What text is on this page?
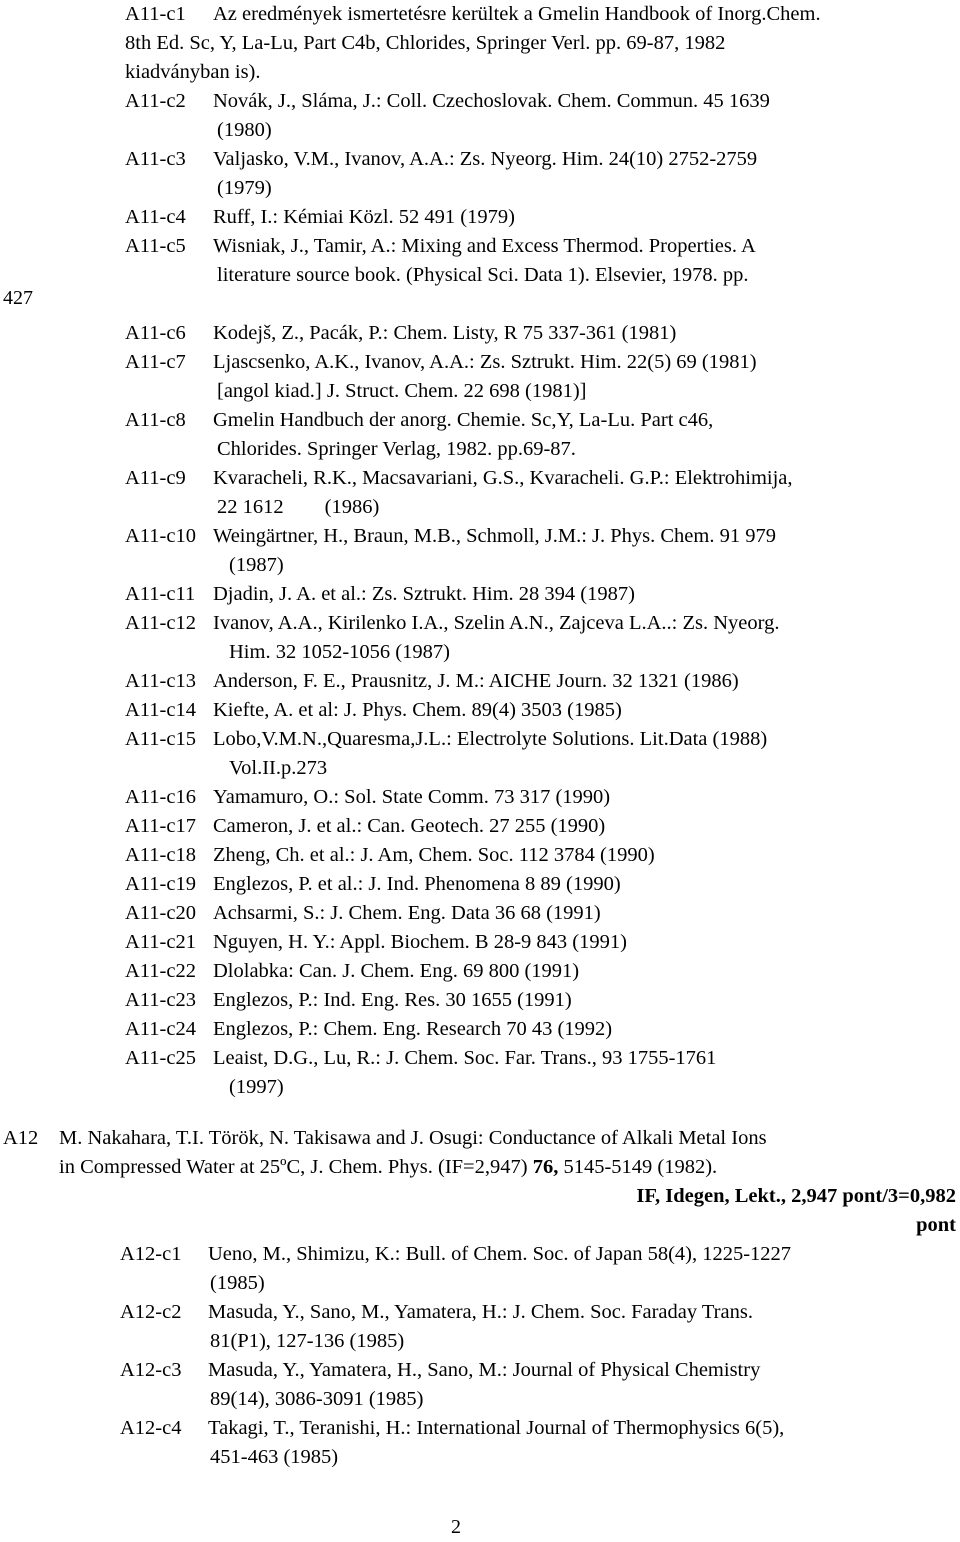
427
A11-c1 Az eredmények ismertetésre kerültek a Gmelin Handbook of Inorg.Chem.
8th Ed. Sc, Y, La-Lu, Part C4b, Chlorides, Springer Verl. pp. 69-87, 1982
kiadványban is).
A11-c2 Novák, J., Sláma, J.: Coll. Czechoslovak. Chem. Commun. 45 1639
(1980)
A11-c3 Valjasko, V.M., Ivanov, A.A.: Zs. Nyeorg. Him. 24(10) 2752-2759
(1979)
A11-c4 Ruff, I.: Kémiai Közl. 52 491 (1979)
A11-c5 Wisniak, J., Tamir, A.: Mixing and Excess Thermod. Properties. A
literature source book. (Physical Sci. Data 1). Elsevier, 1978. pp.
A11-c6 Kodejš, Z., Pacák, P.: Chem. Listy, R 75 337-361 (1981)
A11-c7 Ljascsenko, A.K., Ivanov, A.A.: Zs. Sztrukt. Him. 22(5) 69 (1981)
[angol kiad.] J. Struct. Chem. 22 698 (1981)]
A11-c8 Gmelin Handbuch der anorg. Chemie. Sc,Y, La-Lu. Part c46,
Chlorides. Springer Verlag, 1982. pp.69-87.
A11-c9 Kvaracheli, R.K., Macsavariani, G.S., Kvaracheli. G.P.: Elektrohimija,
22 1612        (1986)
A11-c10 Weingärtner, H., Braun, M.B., Schmoll, J.M.: J. Phys. Chem. 91 979
(1987)
A11-c11 Djadin, J. A. et al.: Zs. Sztrukt. Him. 28 394 (1987)
A11-c12 Ivanov, A.A., Kirilenko I.A., Szelin A.N., Zajceva L.A..: Zs. Nyeorg.
Him. 32 1052-1056 (1987)
A11-c13 Anderson, F. E., Prausnitz, J. M.: AICHE Journ. 32 1321 (1986)
A11-c14 Kiefte, A. et al: J. Phys. Chem. 89(4) 3503 (1985)
A11-c15 Lobo,V.M.N.,Quaresma,J.L.: Electrolyte Solutions. Lit.Data (1988)
Vol.II.p.273
A11-c16 Yamamuro, O.: Sol. State Comm. 73 317 (1990)
A11-c17 Cameron, J. et al.: Can. Geotech. 27 255 (1990)
A11-c18 Zheng, Ch. et al.: J. Am, Chem. Soc. 112 3784 (1990)
A11-c19 Englezos, P. et al.: J. Ind. Phenomena 8 89 (1990)
A11-c20 Achsarmi, S.: J. Chem. Eng. Data 36 68 (1991)
A11-c21 Nguyen, H. Y.: Appl. Biochem. B 28-9 843 (1991)
A11-c22 Dlolabka: Can. J. Chem. Eng. 69 800 (1991)
A11-c23 Englezos, P.: Ind. Eng. Res. 30 1655 (1991)
A11-c24 Englezos, P.: Chem. Eng. Research 70 43 (1992)
A11-c25 Leaist, D.G., Lu, R.: J. Chem. Soc. Far. Trans., 93 1755-1761
(1997)

A12 M. Nakahara, T.I. Török, N. Takisawa and J. Osugi: Conductance of Alkali Metal Ions

in Compressed Water at 25ºC, J. Chem. Phys. (IF=2,947) 76, 5145-5149 (1982).
IF, Idegen, Lekt., 2,947 pont/3=0,982
pont
A12-c1 Ueno, M., Shimizu, K.: Bull. of Chem. Soc. of Japan 58(4), 1225-1227
(1985)
A12-c2 Masuda, Y., Sano, M., Yamatera, H.: J. Chem. Soc. Faraday Trans.
81(P1), 127-136 (1985)
A12-c3 Masuda, Y., Yamatera, H., Sano, M.: Journal of Physical Chemistry
89(14), 3086-3091 (1985)
A12-c4 Takagi, T., Teranishi, H.: International Journal of Thermophysics 6(5),
451-463 (1985)
2
